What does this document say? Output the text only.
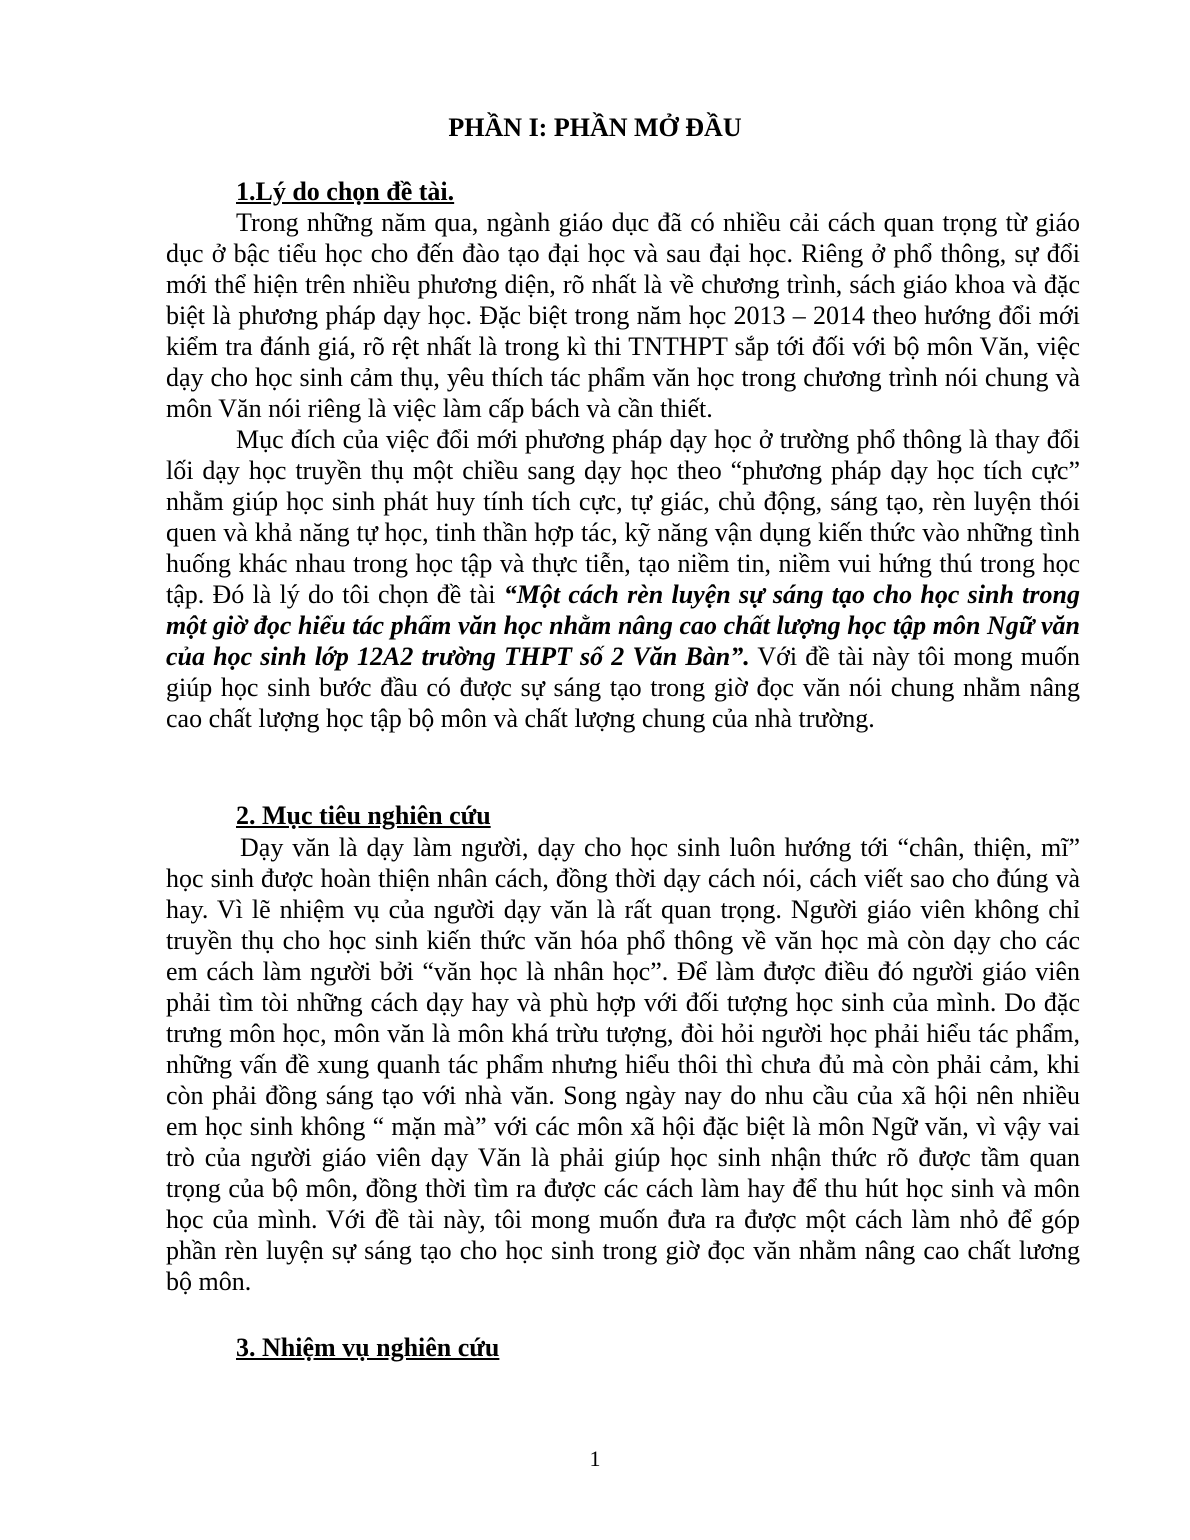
PHẦN I: PHẦN MỞ ĐẦU
1.Lý do chọn đề tài.

Trong những năm qua, ngành giáo dục đã có nhiều cải cách quan trọng từ giáo dục ở bậc tiểu học cho đến đào tạo đại học và sau đại học. Riêng ở phổ thông, sự đổi mới thể hiện trên nhiều phương diện, rõ nhất là về chương trình, sách giáo khoa và đặc biệt là phương pháp dạy học. Đặc biệt trong năm học 2013 – 2014 theo hướng đổi mới kiểm tra đánh giá, rõ rệt nhất là trong kì thi TNTHPT sắp tới đối với bộ môn Văn, việc dạy cho học sinh cảm thụ, yêu thích tác phẩm văn học trong chương trình nói chung và môn Văn nói riêng là việc làm cấp bách và cần thiết.

Mục đích của việc đổi mới phương pháp dạy học ở trường phổ thông là thay đổi lối dạy học truyền thụ một chiều sang dạy học theo “phương pháp dạy học tích cực” nhằm giúp học sinh phát huy tính tích cực, tự giác, chủ động, sáng tạo, rèn luyện thói quen và khả năng tự học, tinh thần hợp tác, kỹ năng vận dụng kiến thức vào những tình huống khác nhau trong học tập và thực tiễn, tạo niềm tin, niềm vui hứng thú trong học tập. Đó là lý do tôi chọn đề tài “Một cách rèn luyện sự sáng tạo cho học sinh trong một giờ đọc hiểu tác phẩm văn học nhằm nâng cao chất lượng học tập môn Ngữ văn của học sinh lớp 12A2 trường THPT số 2 Văn Bàn”. Với đề tài này tôi mong muốn giúp học sinh bước đầu có được sự sáng tạo trong giờ đọc văn nói chung nhằm nâng cao chất lượng học tập bộ môn và chất lượng chung của nhà trường.

2. Mục tiêu nghiên cứu

Dạy văn là dạy làm người, dạy cho học sinh luôn hướng tới “chân, thiện, mĩ” học sinh được hoàn thiện nhân cách, đồng thời dạy cách nói, cách viết sao cho đúng và hay. Vì lẽ nhiệm vụ của người dạy văn là rất quan trọng. Người giáo viên không chỉ truyền thụ cho học sinh kiến thức văn hóa phổ thông về văn học mà còn dạy cho các em cách làm người bởi “văn học là nhân học”. Để làm được điều đó người giáo viên phải tìm tòi những cách dạy hay và phù hợp với đối tượng học sinh của mình. Do đặc trưng môn học, môn văn là môn khá trừu tượng, đòi hỏi người học phải hiểu tác phẩm, những vấn đề xung quanh tác phẩm nhưng hiểu thôi thì chưa đủ mà còn phải cảm, khi còn phải đồng sáng tạo với nhà văn. Song ngày nay do nhu cầu của xã hội nên nhiều em học sinh không “ mặn mà” với các môn xã hội đặc biệt là môn Ngữ văn, vì vậy vai trò của người giáo viên dạy Văn là phải giúp học sinh nhận thức rõ được tầm quan trọng của bộ môn, đồng thời tìm ra được các cách làm hay để thu hút học sinh và môn học của mình. Với đề tài này, tôi mong muốn đưa ra được một cách làm nhỏ để góp phần rèn luyện sự sáng tạo cho học sinh trong giờ đọc văn nhằm nâng cao chất lương bộ môn.

3. Nhiệm vụ nghiên cứu

1
